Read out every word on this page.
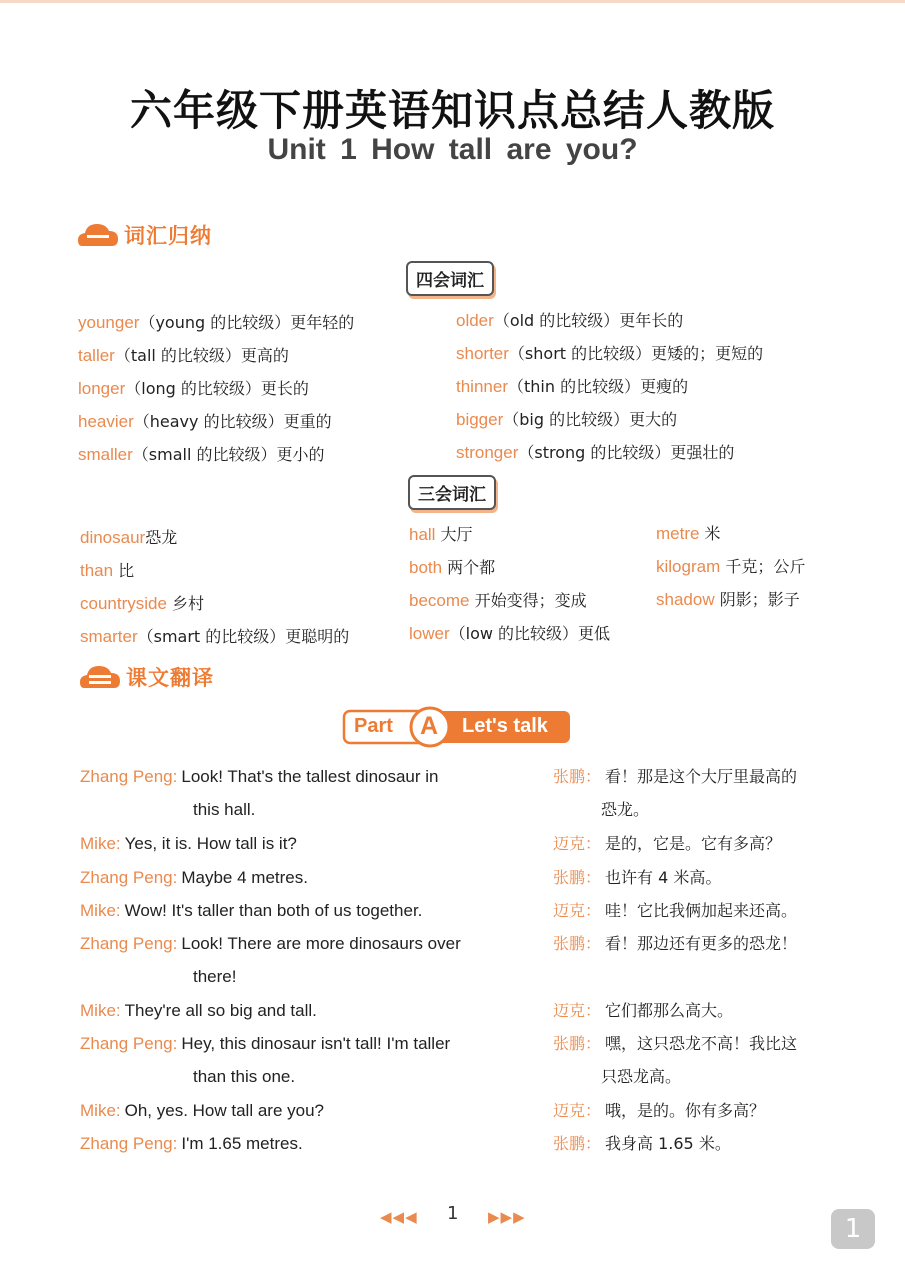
六年级下册英语知识点总结人教版
Unit 1 How tall are you?
词汇归纳
四会词汇
younger（young 的比较级）更年轻的
taller（tall 的比较级）更高的
longer（long 的比较级）更长的
heavier（heavy 的比较级）更重的
smaller（small 的比较级）更小的
older（old 的比较级）更年长的
shorter（short 的比较级）更矮的；更短的
thinner（thin 的比较级）更瘦的
bigger（big 的比较级）更大的
stronger（strong 的比较级）更强壮的
三会词汇
dinosaur恐龙
than 比
countryside 乡村
smarter（smart 的比较级）更聪明的
hall 大厅
both 两个都
become 开始变得；变成
lower（low 的比较级）更低
metre 米
kilogram 千克；公斤
shadow 阴影；影子
课文翻译
Part A Let's talk
Zhang Peng: Look! That's the tallest dinosaur in
this hall.
Mike: Yes, it is. How tall is it?
Zhang Peng: Maybe 4 metres.
Mike: Wow! It's taller than both of us together.
Zhang Peng: Look! There are more dinosaurs over
there!
Mike: They're all so big and tall.
Zhang Peng: Hey, this dinosaur isn't tall! I'm taller
than this one.
Mike: Oh, yes. How tall are you?
Zhang Peng: I'm 1.65 metres.
张鹏： 看！那是这个大厅里最高的
恐龙。
迈克： 是的，它是。它有多高？
张鹏： 也许有 4 米高。
迈克： 哇！它比我俩加起来还高。
张鹏： 看！那边还有更多的恐龙！
迈克： 它们都那么高大。
张鹏： 嘿，这只恐龙不高！我比这
只恐龙高。
迈克： 哦，是的。你有多高？
张鹏： 我身高 1.65 米。
◀◀◀ 1 ▶▶▶	1
